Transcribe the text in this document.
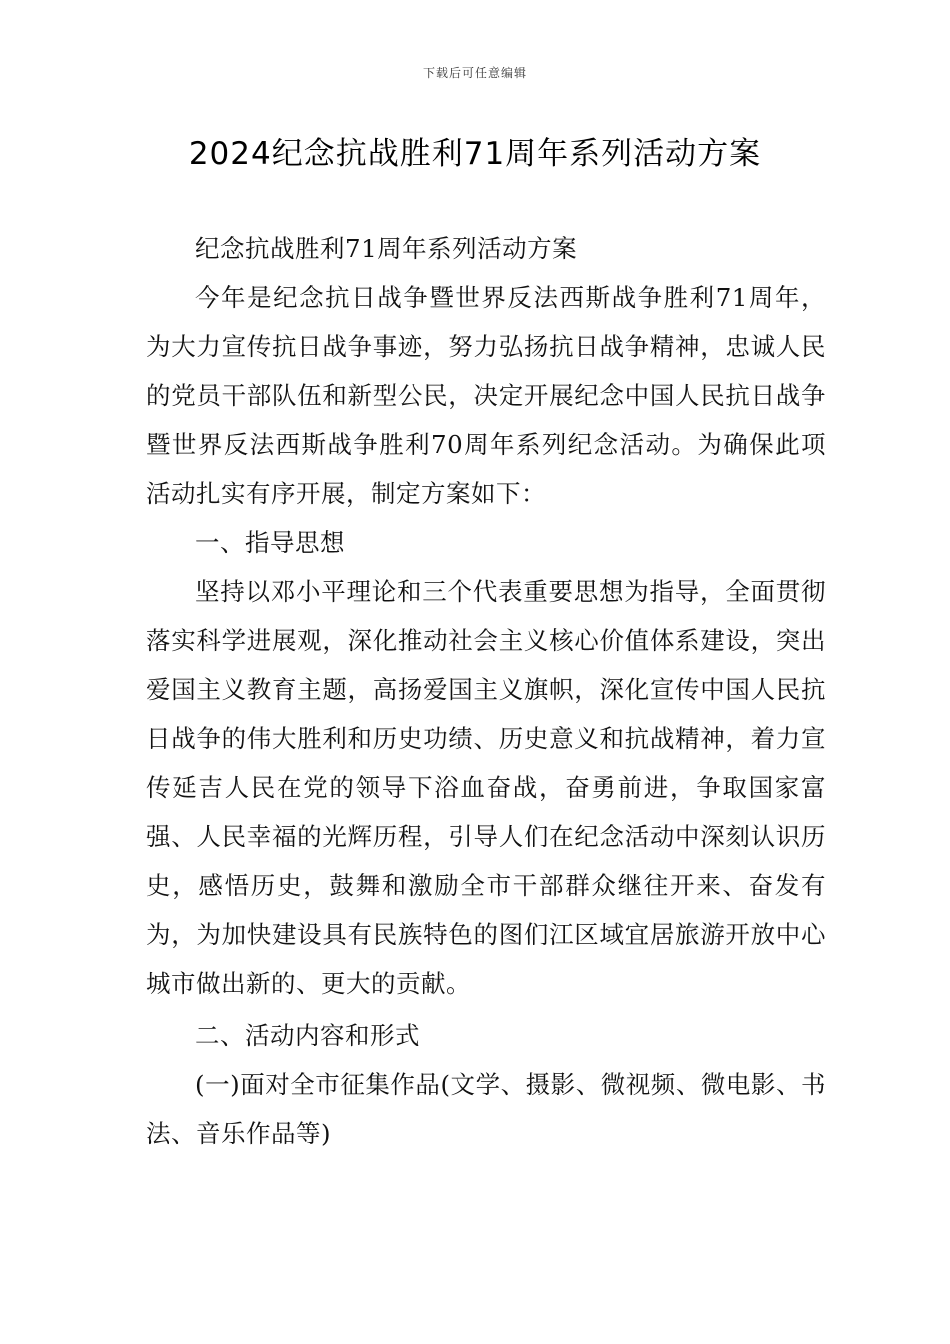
下载后可任意编辑
2024纪念抗战胜利71周年系列活动方案

纪念抗战胜利71周年系列活动方案

今年是纪念抗日战争暨世界反法西斯战争胜利71周年，为大力宣传抗日战争事迹，努力弘扬抗日战争精神，忠诚人民的党员干部队伍和新型公民，决定开展纪念中国人民抗日战争暨世界反法西斯战争胜利70周年系列纪念活动。为确保此项活动扎实有序开展，制定方案如下：

一、指导思想

坚持以邓小平理论和三个代表重要思想为指导，全面贯彻落实科学进展观，深化推动社会主义核心价值体系建设，突出爱国主义教育主题，高扬爱国主义旗帜，深化宣传中国人民抗日战争的伟大胜利和历史功绩、历史意义和抗战精神，着力宣传延吉人民在党的领导下浴血奋战，奋勇前进，争取国家富强、人民幸福的光辉历程，引导人们在纪念活动中深刻认识历史，感悟历史，鼓舞和激励全市干部群众继往开来、奋发有为，为加快建设具有民族特色的图们江区域宜居旅游开放中心城市做出新的、更大的贡献。

二、活动内容和形式

(一)面对全市征集作品(文学、摄影、微视频、微电影、书法、音乐作品等)
